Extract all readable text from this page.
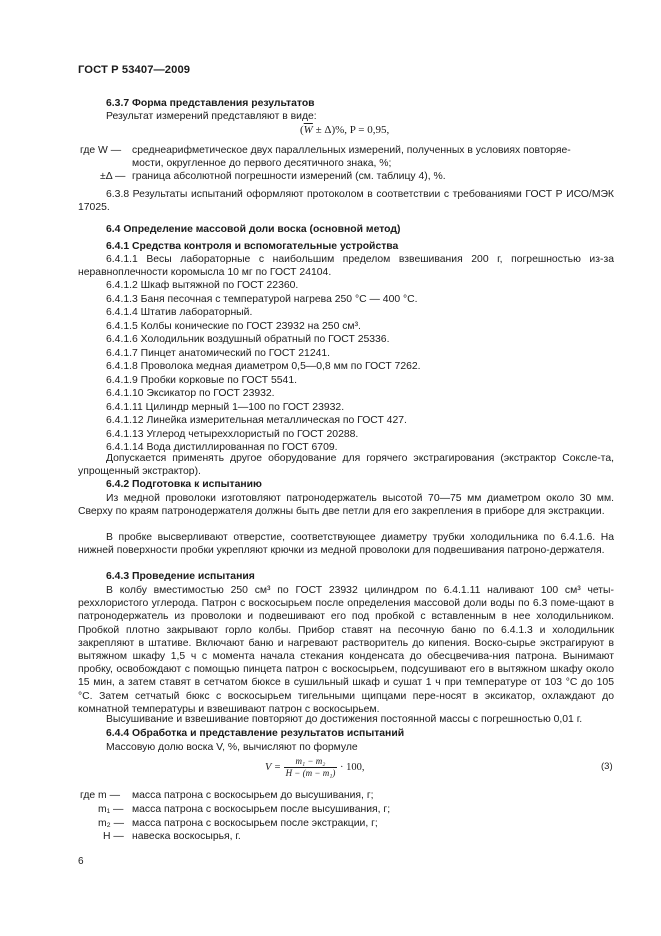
ГОСТ Р 53407—2009
6.3.7 Форма представления результатов
Результат измерений представляют в виде:
$(\overline{W} \pm \Delta)\%$, P = 0,95,
где W — среднеарифметическое двух параллельных измерений, полученных в условиях повторяе-
мости, округленное до первого десятичного знака, %;
±Δ — граница абсолютной погрешности измерений (см. таблицу 4), %.
6.3.8 Результаты испытаний оформляют протоколом в соответствии с требованиями ГОСТ Р ИСО/МЭК 17025.
6.4 Определение массовой доли воска (основной метод)
6.4.1 Средства контроля и вспомогательные устройства
6.4.1.1 Весы лабораторные с наибольшим пределом взвешивания 200 г, погрешностью из-за неравноплечности коромысла 10 мг по ГОСТ 24104.
6.4.1.2 Шкаф вытяжной по ГОСТ 22360.
6.4.1.3 Баня песочная с температурой нагрева 250 °С — 400 °С.
6.4.1.4 Штатив лабораторный.
6.4.1.5 Колбы конические по ГОСТ 23932 на 250 см³.
6.4.1.6 Холодильник воздушный обратный по ГОСТ 25336.
6.4.1.7 Пинцет анатомический по ГОСТ 21241.
6.4.1.8 Проволока медная диаметром 0,5—0,8 мм по ГОСТ 7262.
6.4.1.9 Пробки корковые по ГОСТ 5541.
6.4.1.10 Эксикатор по ГОСТ 23932.
6.4.1.11 Цилиндр мерный 1—100 по ГОСТ 23932.
6.4.1.12 Линейка измерительная металлическая по ГОСТ 427.
6.4.1.13 Углерод четыреххлористый по ГОСТ 20288.
6.4.1.14 Вода дистиллированная по ГОСТ 6709.
Допускается применять другое оборудование для горячего экстрагирования (экстрактор Соксле-та, упрощенный экстрактор).
6.4.2 Подготовка к испытанию
Из медной проволоки изготовляют патронодержатель высотой 70—75 мм диаметром около 30 мм. Сверху по краям патронодержателя должны быть две петли для его закрепления в приборе для экстракции.
В пробке высверливают отверстие, соответствующее диаметру трубки холодильника по 6.4.1.6. На нижней поверхности пробки укрепляют крючки из медной проволоки для подвешивания патроно-держателя.
6.4.3 Проведение испытания
В колбу вместимостью 250 см³ по ГОСТ 23932 цилиндром по 6.4.1.11 наливают 100 см³ четы-реххлористого углерода. Патрон с воскосырьем после определения массовой доли воды по 6.3 поме-щают в патронодержатель из проволоки и подвешивают его под пробкой с вставленным в нее холодильником. Пробкой плотно закрывают горло колбы. Прибор ставят на песочную баню по 6.4.1.3 и холодильник закрепляют в штативе. Включают баню и нагревают растворитель до кипения. Воско-сырье экстрагируют в вытяжном шкафу 1,5 ч с момента начала стекания конденсата до обесцвечива-ния патрона. Вынимают пробку, освобождают с помощью пинцета патрон с воскосырьем, подсушивают его в вытяжном шкафу около 15 мин, а затем ставят в сетчатом бюксе в сушильный шкаф и сушат 1 ч при температуре от 103 °С до 105 °С. Затем сетчатый бюкс с воскосырьем тигельными щипцами пере-носят в эксикатор, охлаждают до комнатной температуры и взвешивают патрон с воскосырьем.
Высушивание и взвешивание повторяют до достижения постоянной массы с погрешностью 0,01 г.
6.4.4 Обработка и представление результатов испытаний
Массовую долю воска V, %, вычисляют по формуле
$V = \frac{\text{m₁ − m₂}}{\text{H − (m − m₁)}} \cdot 100$,	(3)
где m — масса патрона с воскосырьем до высушивания, г;
m₁ — масса патрона с воскосырьем после высушивания, г;
m₂ — масса патрона с воскосырьем после экстракции, г;
H — навеска воскосырья, г.
6
